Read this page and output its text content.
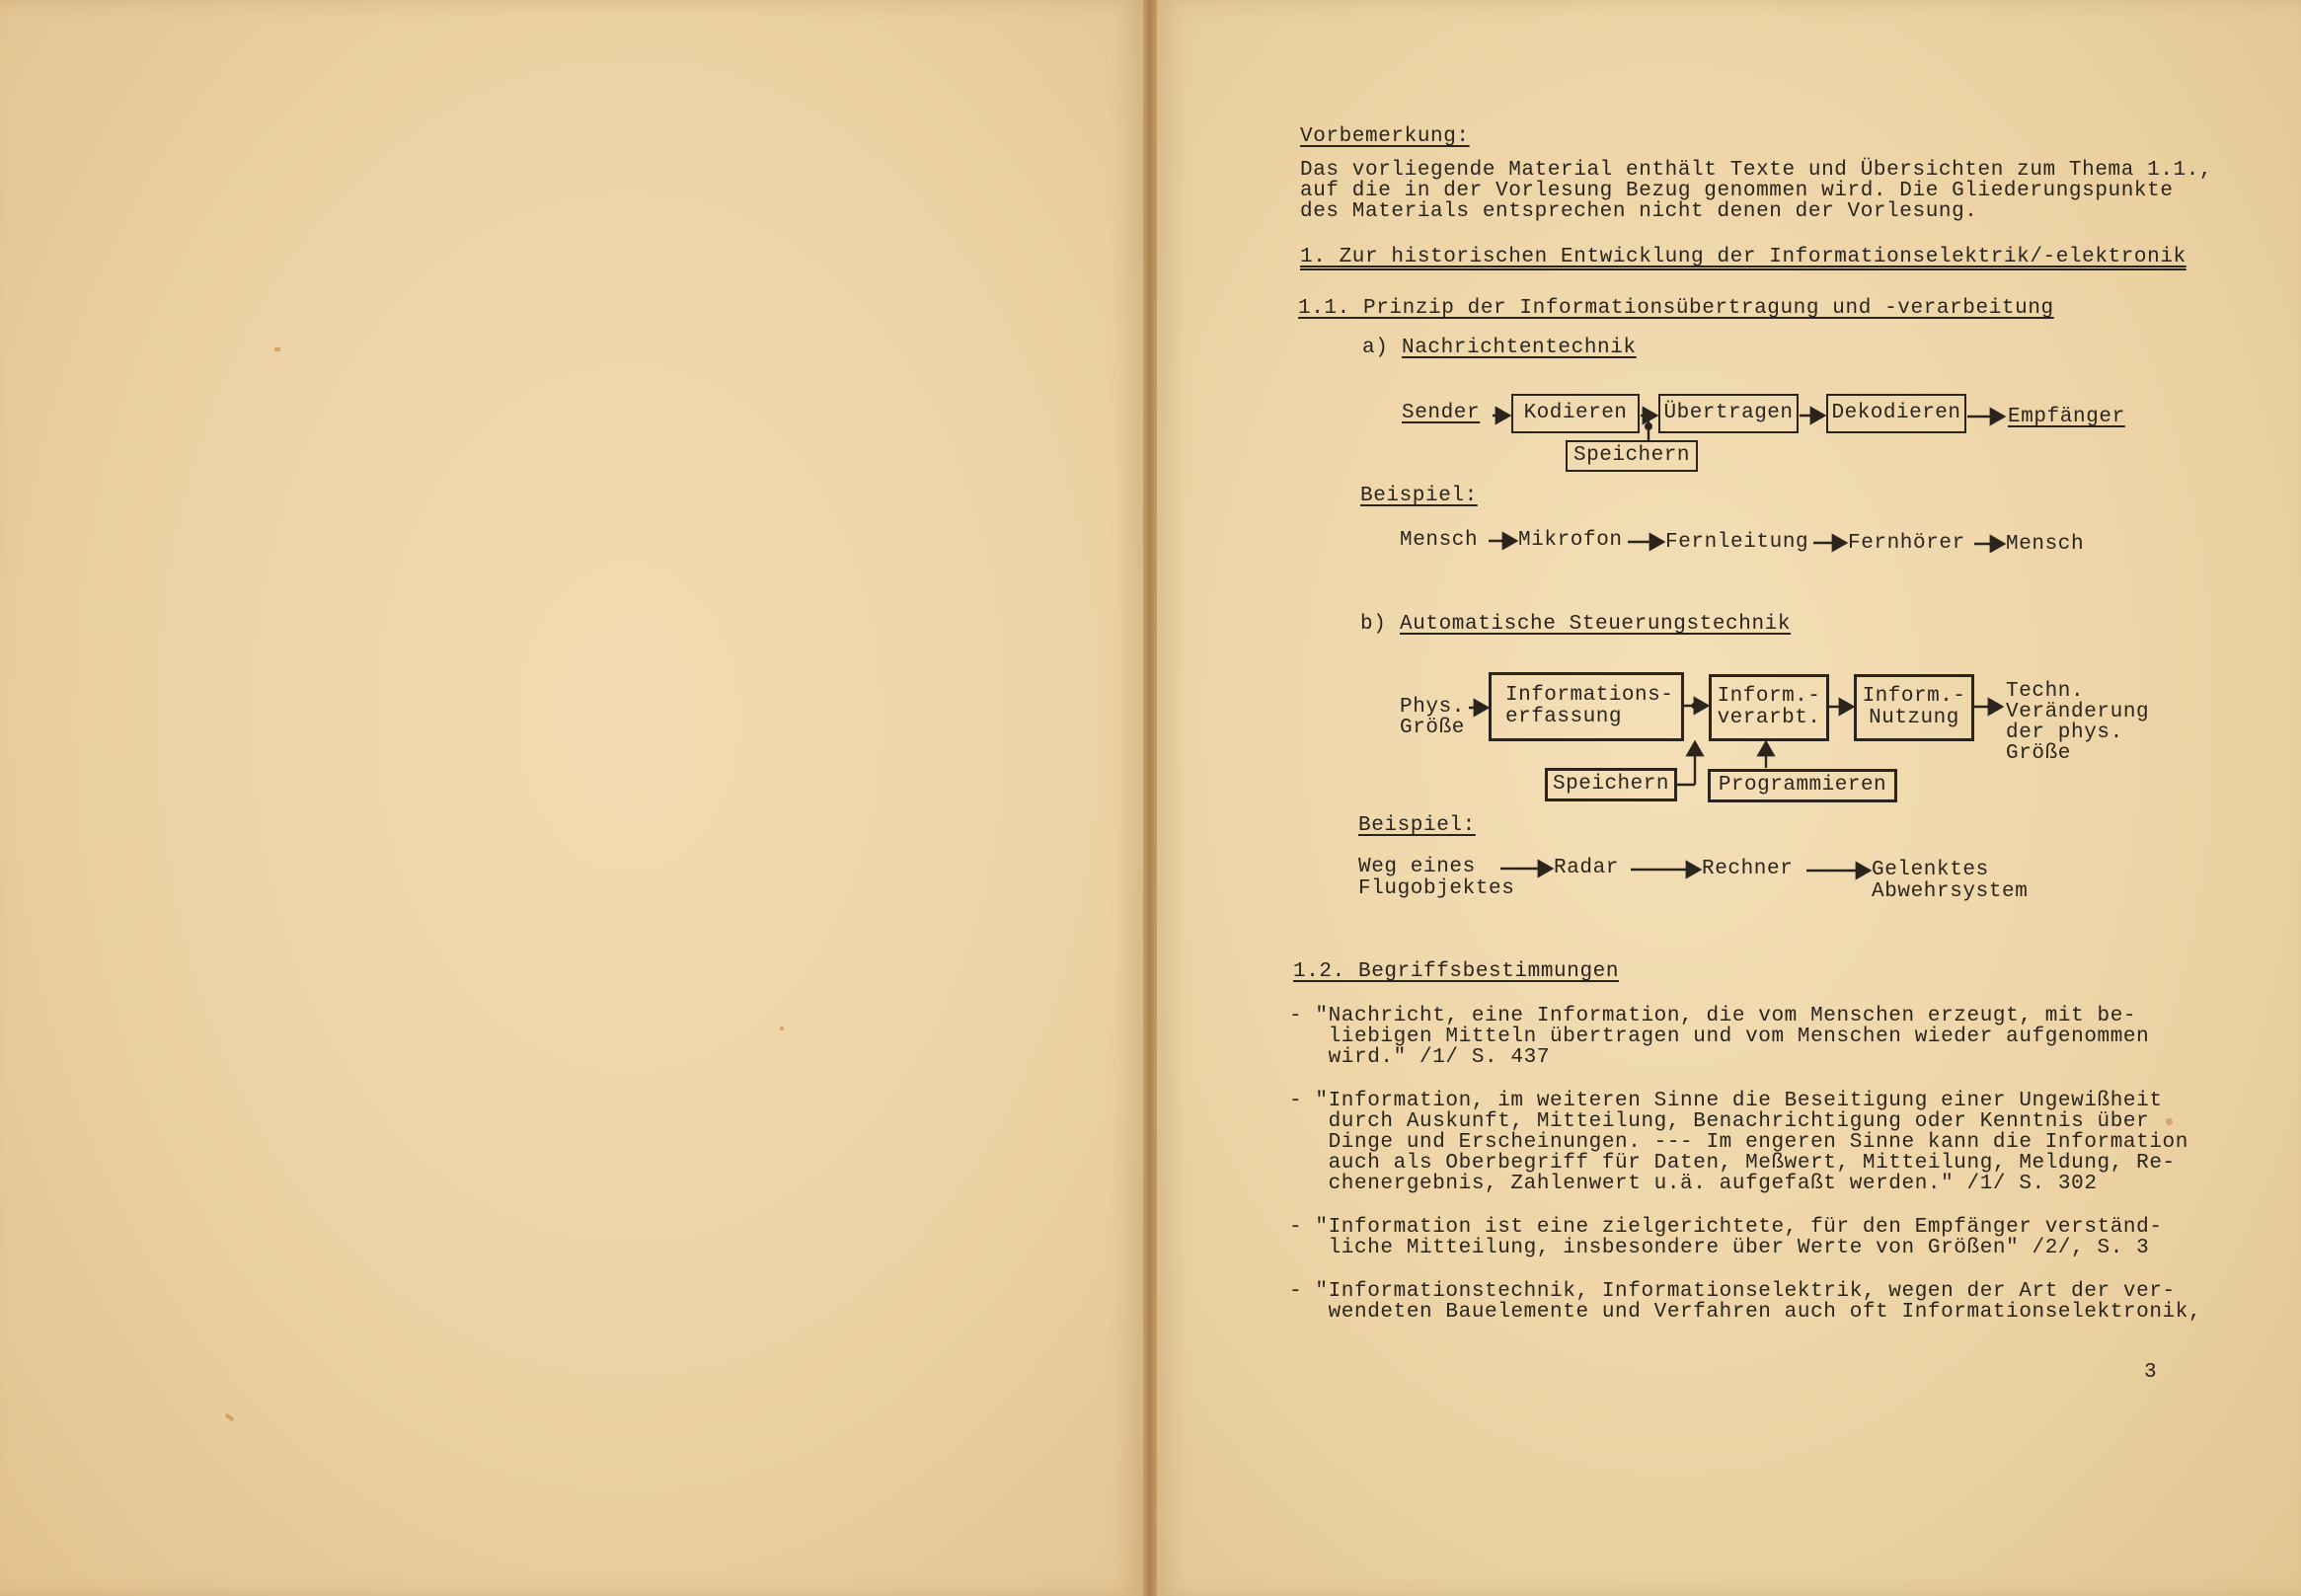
Vorbemerkung:
Das vorliegende Material enthält Texte und Übersichten zum Thema 1.1.,
auf die in der Vorlesung Bezug genommen wird. Die Gliederungspunkte
des Materials entsprechen nicht denen der Vorlesung.
1. Zur historischen Entwicklung der Informationselektrik/-elektronik
1.1. Prinzip der Informationsübertragung und -verarbeitung
a) Nachrichtentechnik
Sender	Kodieren	Übertragen Dekodieren Empfänger
Speichern
Beispiel:
Mensch Mikrofon Fernleitung Fernhörer Mensch
b) Automatische Steuerungstechnik
Phys.
Größe
Informations-
erfassung
Inform.-
verarbt.
Inform.-
Nutzung
Techn.
Veränderung
der phys.
Größe
Speichern	Programmieren
Beispiel:
Weg eines
Flugobjektes
Radar	Rechner	Gelenktes
Abwehrsystem
1.2. Begriffsbestimmungen
- "Nachricht, eine Information, die vom Menschen erzeugt, mit be-
liebigen Mitteln übertragen und vom Menschen wieder aufgenommen
wird." /1/ S. 437
- "Information, im weiteren Sinne die Beseitigung einer Ungewißheit
durch Auskunft, Mitteilung, Benachrichtigung oder Kenntnis über
Dinge und Erscheinungen. --- Im engeren Sinne kann die Information
auch als Oberbegriff für Daten, Meßwert, Mitteilung, Meldung, Re-
chenergebnis, Zahlenwert u.ä. aufgefaßt werden." /1/ S. 302
- "Information ist eine zielgerichtete, für den Empfänger verständ-
liche Mitteilung, insbesondere über Werte von Größen" /2/, S. 3
- "Informationstechnik, Informationselektrik, wegen der Art der ver-
wendeten Bauelemente und Verfahren auch oft Informationselektronik,
3
